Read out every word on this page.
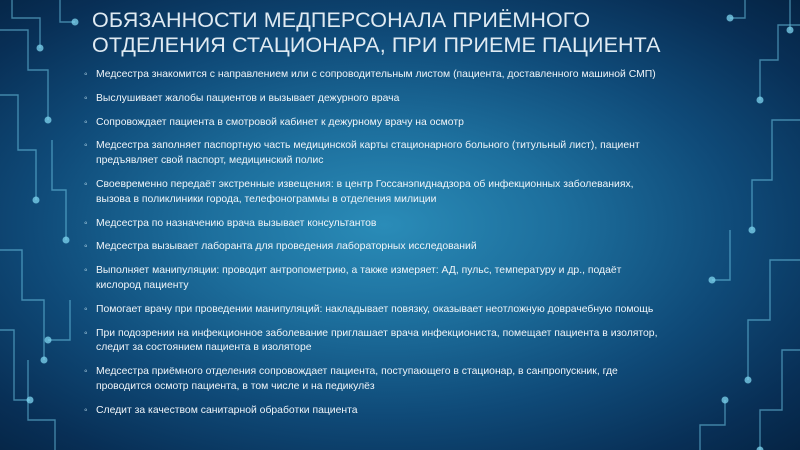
ОБЯЗАННОСТИ МЕДПЕРСОНАЛА ПРИЁМНОГО
ОТДЕЛЕНИЯ СТАЦИОНАРА, ПРИ ПРИЕМЕ ПАЦИЕНТА
◦ Медсестра знакомится с направлением или с сопроводительным листом (пациента, доставленного машиной СМП)
◦ Выслушивает жалобы пациентов и вызывает дежурного врача
◦ Сопровождает пациента в смотровой кабинет к дежурному врачу на осмотр
◦ Медсестра заполняет паспортную часть медицинской карты стационарного больного (титульный лист), пациент
предъявляет свой паспорт, медицинский полис
◦ Своевременно передаёт экстренные извещения: в центр Госсанэпиднадзора об инфекционных заболеваниях,
вызова в поликлиники города, телефонограммы в отделения милиции
◦ Медсестра по назначению врача вызывает консультантов
◦ Медсестра вызывает лаборанта для проведения лабораторных исследований
◦ Выполняет манипуляции: проводит антропометрию, а также измеряет: АД, пульс, температуру и др., подаёт
кислород пациенту
◦ Помогает врачу при проведении манипуляций: накладывает повязку, оказывает неотложную доврачебную помощь
◦ При подозрении на инфекционное заболевание приглашает врача инфекциониста, помещает пациента в изолятор,
следит за состоянием пациента в изоляторе
◦ Медсестра приёмного отделения сопровождает пациента, поступающего в стационар, в санпропускник, где
проводится осмотр пациента, в том числе и на педикулёз
◦ Следит за качеством санитарной обработки пациента
